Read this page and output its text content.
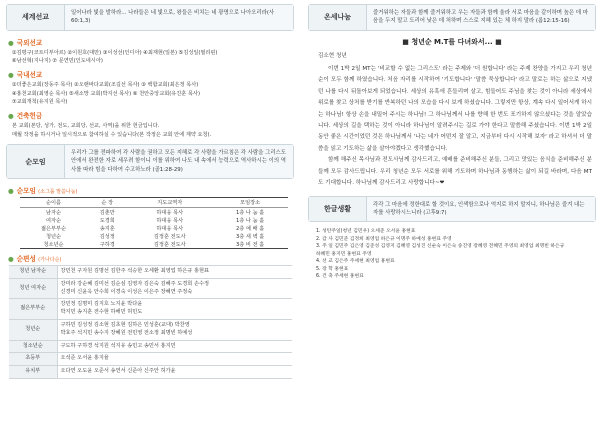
세계선교
일어나라 빛을 발하라... 나라들은 네 빛으로, 왕들은 비치는 네 광명으로 나아오리라(사60:1,3)
● 국외선교
①김평구(코트디부아르) ②이원호(대만) ③이성선(인디아) ④최재현(일본) ⑤김성일(필리핀)
⑥남선혁(지나지) ⑦ 문연민(인도네시아)
● 국내선교
①더좋은교회(장동주 목사) ②오랜바다교회(조길선 목사) ③ 백합교회(최은정 목사)
④홍천교회(최영순 목사) ⑤새소망 교회(박지선 목사) ⑥ 천안중앙교회(유진훈 목사)
⑦교회개척(유지원 목사)
● 건축헌금
본 교회(본당, 성가, 전도, 교회당, 선교, 사역)을 위한 헌금입니다.
매월 작정을 하시거나 일시적으로 참여하실 수 있습니다(본 작정은 교회 안에 계약 요청).
순모임
우리가 그를 전파하여 각 사람을 권하고 모든 지혜로 각 사람을 가르침은 각 사람을 그리스도 안에서 완전한 자로 세우려 함이니 이를 위하여 나도 내 속에서 능력으로 역사하시는 이의 역사를 따라 힘을 다하여 수고하노라 (골1:28-29)
● 순모임 (소그룹 말씀나눔)
순이름	순 장	지도교역자	모임장소
남자순	김춘만	하대웅 목사	1층 나 눔 홀
여자순	도경희	하대웅 목사	1층 나 눔 홀
젊은부부순	송지훈	하대웅 목사	2층 예 배 홀
청년순	김성정	김정훈 전도사	3층 새 벽 홀
청소년순	구하경	김정훈 전도사	3층 비 전 홀
● 순편성 (가나다순)
청년 남자순	강민천 구자원 김명선 김한주 석승한 오세환 최영업 하은규 홍현표
청년 여자순	강미라 강순혜 김미선 김순심 김영자 김은숙 김혜주 도경희 손수정
신경미 신윤옥 안수희 이경숙 이성은 이은주 장혜연 주정숙
젊은부부순	강민정 김명미 김지호 노지윤 박다윤
박지민 송지훈 전수현 하해민 허민도
청년순	구하민 김성정 김소현 김초현 김하은 민성훈(교대) 박찬영
박효주 석지민 송수지 장혜원 전민영 전소정 최명빈 하예성
청소년순	구도하 구하경 석지원 석지유 송민고 송민서 홍지민
초등부	오석준 오서윤 홍지율
유치부	오다연 오도윤 오준서 송연서 신준아 신주안 허가윤
온세나눔
즐거워하는 자들과 함께 즐거워하고 우는 자들과 함께 울라 서로 마음을 같이하며 높은 데 마음을 두지 말고 도리어 낮은 데 처하며 스스로 지혜 있는 체 하지 말라 (롬12:15-16)
■ 청년순 M.T를 다녀와서... ■
김소현 청년

이번 1박 2일 MT는 '비교할 수 없는 그리스도' 라는 주제와 '더 원합니다' 라는 주제 찬양을 가지고 우리 청년순이 모두 함께 하였습니다. 처음 자리를 시작하여 '기도합니다' '말씀 묵상합니다' 라고 말로는 하는 삶으로 지냈던 나를 다시 뒤돌아보게 되었습니다. 세상의 유혹에 흔들리며 살고, 힘들어도 주님을 찾는 것이 아니라 세상에서 위로를 찾고 상처를 받기를 반복하던 나의 모습을 다시 보게 하셨습니다. 그렇지만 항상, 계속 다시 일어서게 하시는 하나님! 항상 손을 내밀어 주시는 하나님! 그 하나님께서 나를 향해 한 번도 포기하지 않으셨다는 것을 알았습니다. 세상의 길을 택하는 것이 아니라 하나님이 알려주시는 길로 가야 한다고 말씀해 주셨습니다. 이번 1박 2일 동안 좋은 시간이었던 것은 하나님께서 '나는 네가 어떤지 잘 알고, 지금부터 다시 시작해 보자' 라고 하셔서 더 말씀을 읽고 기도하는 삶을 살아야겠다고 생각했습니다.

함께 해주신 목사님과 전도사님께 감사드리고, 예배를 준비해주신 분들, 그리고 맛있는 음식을 준비해주신 분들께 모두 감사드립니다. 우리 청년순 모두 서로를 위해 기도하며 하나님과 동행하는 삶이 되길 바라며, 다음 MT도 기대합니다. 하나님께 감사드리고 사랑합니다~❤

한글생활
각각 그 마음에 정한대로 할 것이요, 인색함으로나 억지로 하지 말지니, 하나님은 즐겨 내는 자를 사랑하시느니라 (고후9:7)

1. 성탄주일(청년 김민우) 오세준 오서윤 홍현표

2. 감 사 김민준 김정희 최영업 하은규 이명주 하예성 홍현표 주영

3. 주 일 김민주 김은영 김준성 김영지 김혜영 김성진 신순숙 이은숙 송진영 장혜영 전혜민 주영의 최영업 최명빈 하은규

하혜민 홍지민 홍현표 주영

4. 선 교 김은주 주세현 최영업 홍현표

5. 장 학 홍현표

6. 건 축 주세현 홍현표
